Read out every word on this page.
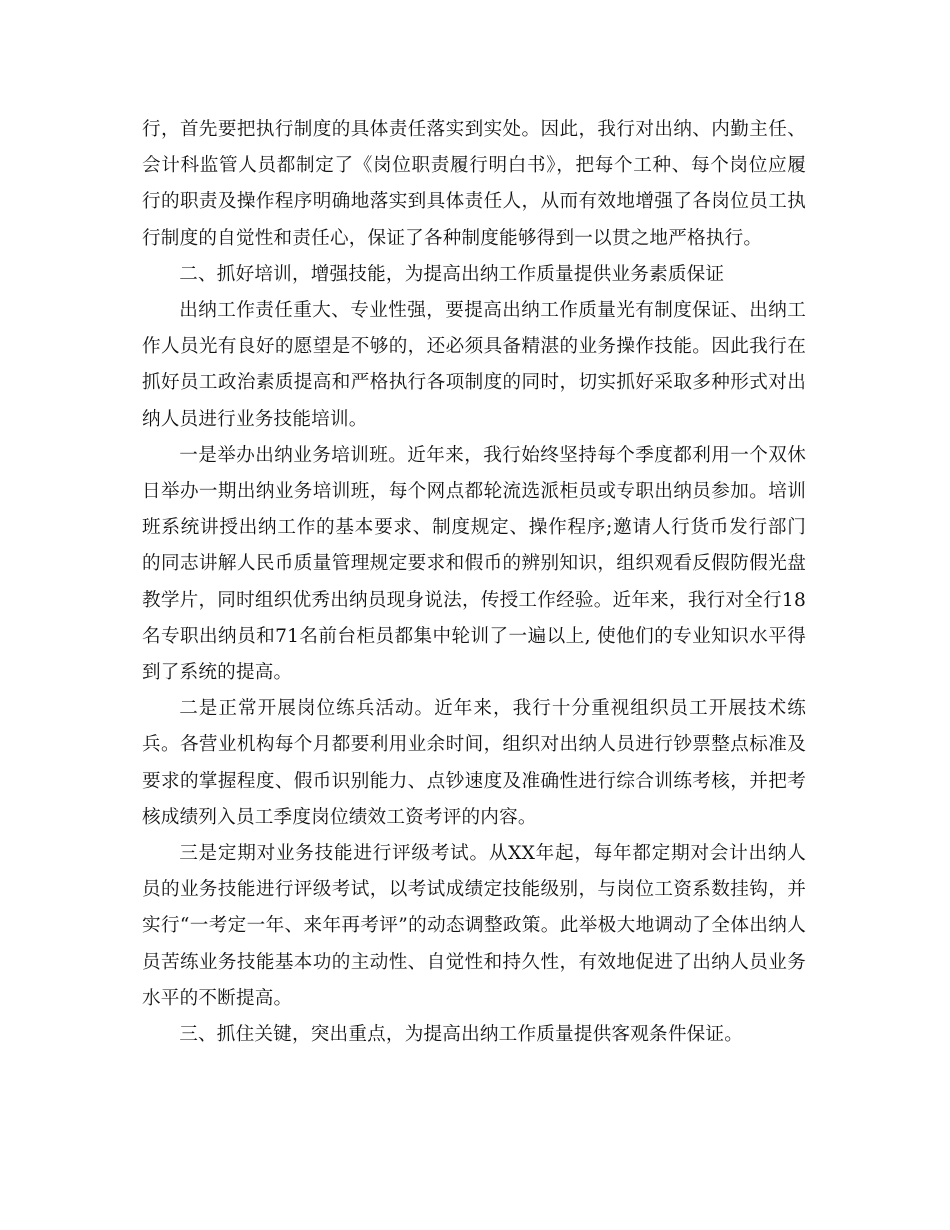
行，首先要把执行制度的具体责任落实到实处。因此，我行对出纳、内勤主任、会计科监管人员都制定了《岗位职责履行明白书》，把每个工种、每个岗位应履行的职责及操作程序明确地落实到具体责任人，从而有效地增强了各岗位员工执行制度的自觉性和责任心，保证了各种制度能够得到一以贯之地严格执行。

二、抓好培训，增强技能，为提高出纳工作质量提供业务素质保证

出纳工作责任重大、专业性强，要提高出纳工作质量光有制度保证、出纳工作人员光有良好的愿望是不够的，还必须具备精湛的业务操作技能。因此我行在抓好员工政治素质提高和严格执行各项制度的同时，切实抓好采取多种形式对出纳人员进行业务技能培训。

一是举办出纳业务培训班。近年来，我行始终坚持每个季度都利用一个双休日举办一期出纳业务培训班，每个网点都轮流选派柜员或专职出纳员参加。培训班系统讲授出纳工作的基本要求、制度规定、操作程序;邀请人行货币发行部门的同志讲解人民币质量管理规定要求和假币的辨别知识，组织观看反假防假光盘教学片，同时组织优秀出纳员现身说法，传授工作经验。近年来，我行对全行18名专职出纳员和71名前台柜员都集中轮训了一遍以上, 使他们的专业知识水平得到了系统的提高。

二是正常开展岗位练兵活动。近年来，我行十分重视组织员工开展技术练兵。各营业机构每个月都要利用业余时间，组织对出纳人员进行钞票整点标准及要求的掌握程度、假币识别能力、点钞速度及准确性进行综合训练考核，并把考核成绩列入员工季度岗位绩效工资考评的内容。

三是定期对业务技能进行评级考试。从XX年起，每年都定期对会计出纳人员的业务技能进行评级考试，以考试成绩定技能级别，与岗位工资系数挂钩，并实行“一考定一年、来年再考评”的动态调整政策。此举极大地调动了全体出纳人员苦练业务技能基本功的主动性、自觉性和持久性，有效地促进了出纳人员业务水平的不断提高。

三、抓住关键，突出重点，为提高出纳工作质量提供客观条件保证。
